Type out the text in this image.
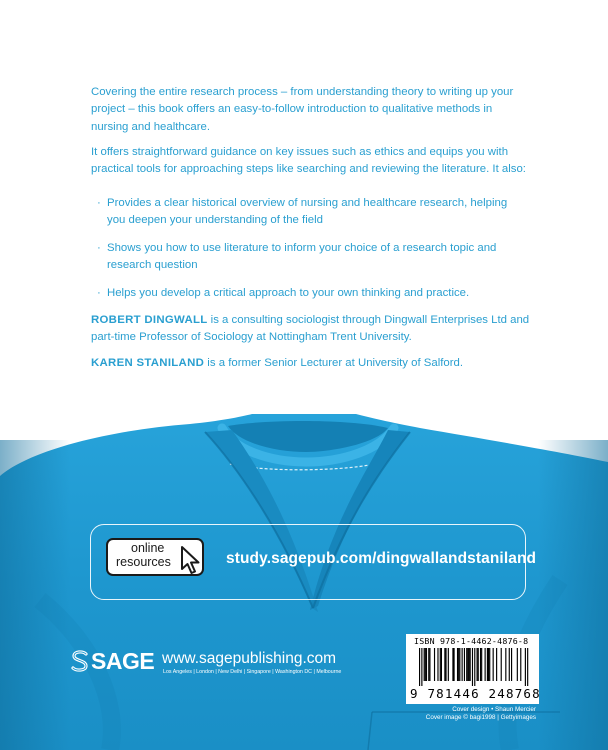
Covering the entire research process – from understanding theory to writing up your project – this book offers an easy-to-follow introduction to qualitative methods in nursing and healthcare.

It offers straightforward guidance on key issues such as ethics and equips you with practical tools for approaching steps like searching and reviewing the literature. It also:

· Provides a clear historical overview of nursing and healthcare research, helping you deepen your understanding of the field
· Shows you how to use literature to inform your choice of a research topic and research question
· Helps you develop a critical approach to your own thinking and practice.

ROBERT DINGWALL is a consulting sociologist through Dingwall Enterprises Ltd and part-time Professor of Sociology at Nottingham Trent University.

KAREN STANILAND is a former Senior Lecturer at University of Salford.

online
resources	study.sagepub.com/dingwallandstaniland
SAGE www.sagepublishing.com
Los Angeles | London | New Delhi | Singapore | Washington DC | Melbourne
ISBN 978-1-4462-4876-8
9 781446 248768
Cover design • Shaun Mercier
Cover image © bagi1998 | Gettyimages
